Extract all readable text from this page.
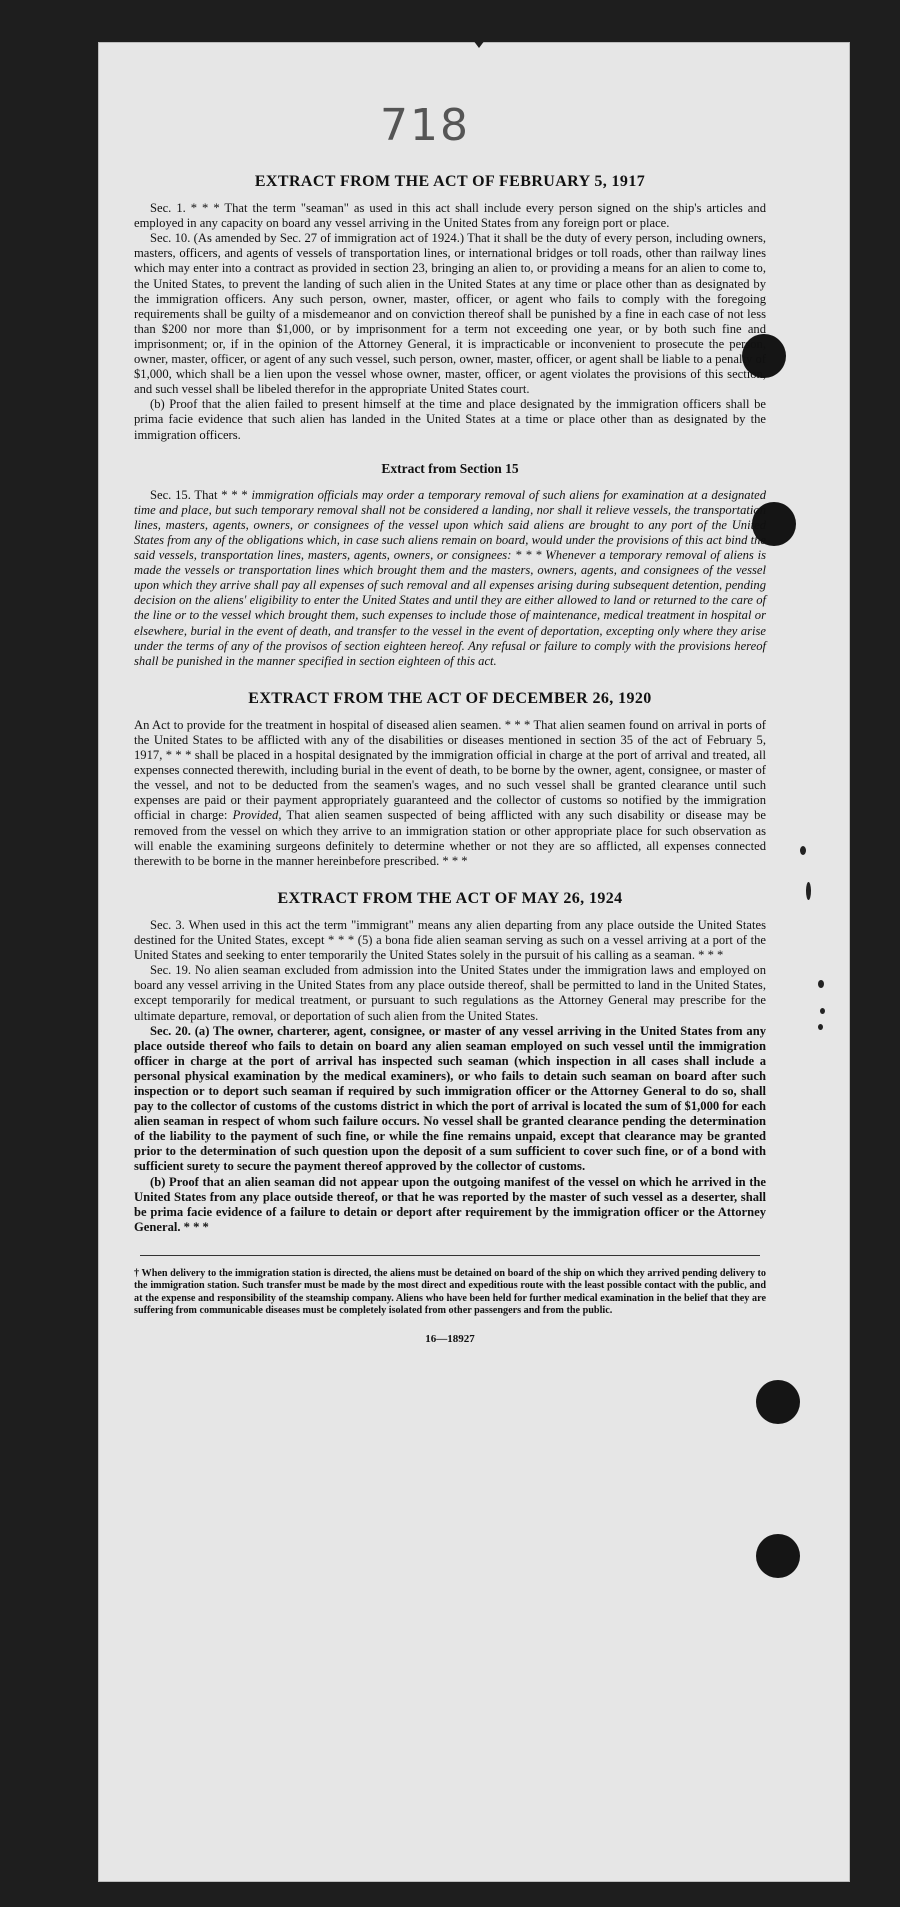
718
EXTRACT FROM THE ACT OF FEBRUARY 5, 1917

Sec. 1. * * * That the term "seaman" as used in this act shall include every person signed on the ship's articles and employed in any capacity on board any vessel arriving in the United States from any foreign port or place.

Sec. 10. (As amended by Sec. 27 of immigration act of 1924.) That it shall be the duty of every person, including owners, masters, officers, and agents of vessels of transportation lines, or international bridges or toll roads, other than railway lines which may enter into a contract as provided in section 23, bringing an alien to, or providing a means for an alien to come to, the United States, to prevent the landing of such alien in the United States at any time or place other than as designated by the immigration officers. Any such person, owner, master, officer, or agent who fails to comply with the foregoing requirements shall be guilty of a misdemeanor and on conviction thereof shall be punished by a fine in each case of not less than $200 nor more than $1,000, or by imprisonment for a term not exceeding one year, or by both such fine and imprisonment; or, if in the opinion of the Attorney General, it is impracticable or inconvenient to prosecute the person, owner, master, officer, or agent of any such vessel, such person, owner, master, officer, or agent shall be liable to a penalty of $1,000, which shall be a lien upon the vessel whose owner, master, officer, or agent violates the provisions of this section, and such vessel shall be libeled therefor in the appropriate United States court.

(b) Proof that the alien failed to present himself at the time and place designated by the immigration officers shall be prima facie evidence that such alien has landed in the United States at a time or place other than as designated by the immigration officers.

Extract from Section 15

Sec. 15. That * * * immigration officials may order a temporary removal of such aliens for examination at a designated time and place, but such temporary removal shall not be considered a landing, nor shall it relieve vessels, the transportation lines, masters, agents, owners, or consignees of the vessel upon which said aliens are brought to any port of the United States from any of the obligations which, in case such aliens remain on board, would under the provisions of this act bind the said vessels, transportation lines, masters, agents, owners, or consignees: * * * Whenever a temporary removal of aliens is made the vessels or transportation lines which brought them and the masters, owners, agents, and consignees of the vessel upon which they arrive shall pay all expenses of such removal and all expenses arising during subsequent detention, pending decision on the aliens' eligibility to enter the United States and until they are either allowed to land or returned to the care of the line or to the vessel which brought them, such expenses to include those of maintenance, medical treatment in hospital or elsewhere, burial in the event of death, and transfer to the vessel in the event of deportation, excepting only where they arise under the terms of any of the provisos of section eighteen hereof. Any refusal or failure to comply with the provisions hereof shall be punished in the manner specified in section eighteen of this act.

EXTRACT FROM THE ACT OF DECEMBER 26, 1920

An Act to provide for the treatment in hospital of diseased alien seamen. * * * That alien seamen found on arrival in ports of the United States to be afflicted with any of the disabilities or diseases mentioned in section 35 of the act of February 5, 1917, * * * shall be placed in a hospital designated by the immigration official in charge at the port of arrival and treated, all expenses connected therewith, including burial in the event of death, to be borne by the owner, agent, consignee, or master of the vessel, and not to be deducted from the seamen's wages, and no such vessel shall be granted clearance until such expenses are paid or their payment appropriately guaranteed and the collector of customs so notified by the immigration official in charge: Provided, That alien seamen suspected of being afflicted with any such disability or disease may be removed from the vessel on which they arrive to an immigration station or other appropriate place for such observation as will enable the examining surgeons definitely to determine whether or not they are so afflicted, all expenses connected therewith to be borne in the manner hereinbefore prescribed. * * *

EXTRACT FROM THE ACT OF MAY 26, 1924

Sec. 3. When used in this act the term "immigrant" means any alien departing from any place outside the United States destined for the United States, except * * * (5) a bona fide alien seaman serving as such on a vessel arriving at a port of the United States and seeking to enter temporarily the United States solely in the pursuit of his calling as a seaman. * * *

Sec. 19. No alien seaman excluded from admission into the United States under the immigration laws and employed on board any vessel arriving in the United States from any place outside thereof, shall be permitted to land in the United States, except temporarily for medical treatment, or pursuant to such regulations as the Attorney General may prescribe for the ultimate departure, removal, or deportation of such alien from the United States.

Sec. 20. (a) The owner, charterer, agent, consignee, or master of any vessel arriving in the United States from any place outside thereof who fails to detain on board any alien seaman employed on such vessel until the immigration officer in charge at the port of arrival has inspected such seaman (which inspection in all cases shall include a personal physical examination by the medical examiners), or who fails to detain such seaman on board after such inspection or to deport such seaman if required by such immigration officer or the Attorney General to do so, shall pay to the collector of customs of the customs district in which the port of arrival is located the sum of $1,000 for each alien seaman in respect of whom such failure occurs. No vessel shall be granted clearance pending the determination of the liability to the payment of such fine, or while the fine remains unpaid, except that clearance may be granted prior to the determination of such question upon the deposit of a sum sufficient to cover such fine, or of a bond with sufficient surety to secure the payment thereof approved by the collector of customs.

(b) Proof that an alien seaman did not appear upon the outgoing manifest of the vessel on which he arrived in the United States from any place outside thereof, or that he was reported by the master of such vessel as a deserter, shall be prima facie evidence of a failure to detain or deport after requirement by the immigration officer or the Attorney General. * * *

† When delivery to the immigration station is directed, the aliens must be detained on board of the ship on which they arrived pending delivery to the immigration station. Such transfer must be made by the most direct and expeditious route with the least possible contact with the public, and at the expense and responsibility of the steamship company. Aliens who have been held for further medical examination in the belief that they are suffering from communicable diseases must be completely isolated from other passengers and from the public.

16—18927
